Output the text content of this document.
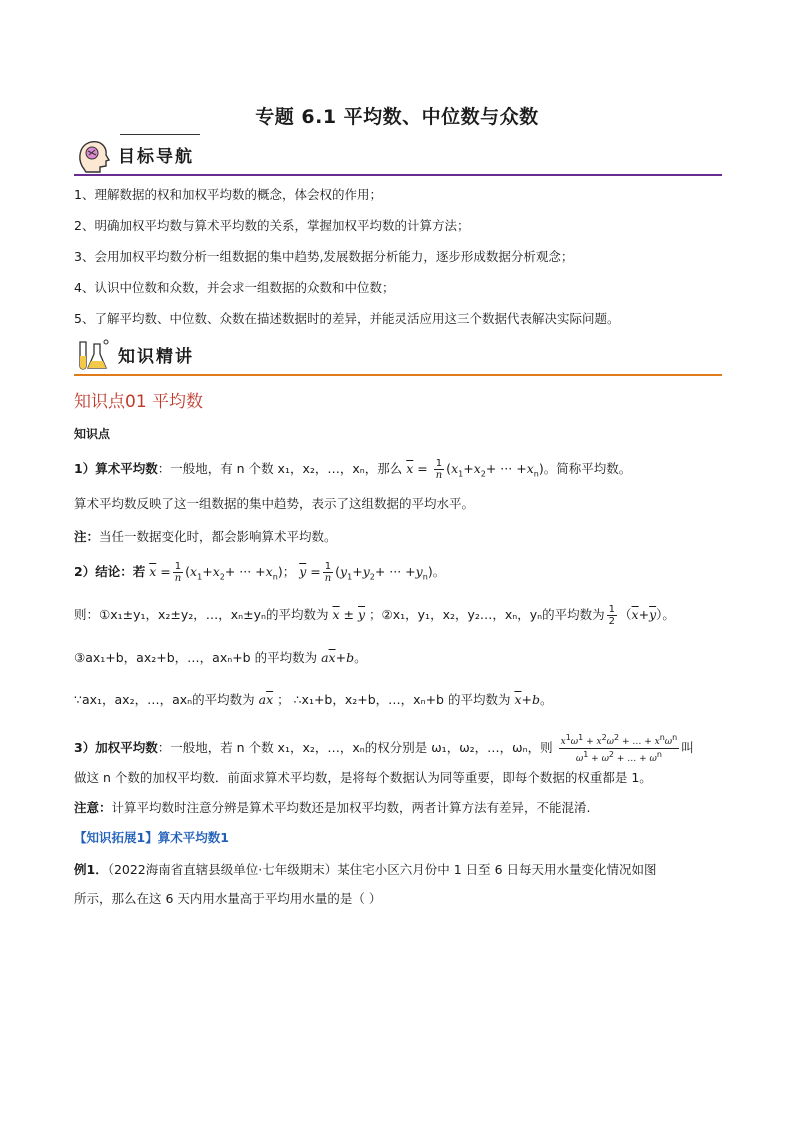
专题 6.1 平均数、中位数与众数
目标导航
1、理解数据的权和加权平均数的概念，体会权的作用；
2、明确加权平均数与算术平均数的关系，掌握加权平均数的计算方法；
3、会用加权平均数分析一组数据的集中趋势,发展数据分析能力，逐步形成数据分析观念；
4、认识中位数和众数，并会求一组数据的众数和中位数；
5、了解平均数、中位数、众数在描述数据时的差异，并能灵活应用这三个数据代表解决实际问题。
知识精讲
知识点01 平均数
知识点
1）算术平均数：一般地，有 n 个数 x₁，x₂，…，xₙ，那么 $\overline{x} = \frac{1}{n} (x_1+x_2+$ ··· $+x_n$)。简称平均数。
算术平均数反映了这一组数据的集中趋势，表示了这组数据的平均水平。
注：当任一数据变化时，都会影响算术平均数。
2）结论：若 $\overline{x} = \frac{1}{n} (x_1+x_2+$ ··· $+x_n$)； $\overline{y} = \frac{1}{n} (y_1+y_2+$ ··· $+y_n$)。
则：①x₁±y₁，x₂±y₂，…，xₙ±yₙ的平均数为 $\overline{x} \pm \overline{y}$ ；②x₁，y₁，x₂，y₂…，xₙ，yₙ的平均数为 $\frac{1}{2} (\overline{x}+\overline{y})$。
③ax₁+b，ax₂+b，…，axₙ+b 的平均数为 $a\overline{x}+b$。
∵ax₁，ax₂，…，axₙ的平均数为 $a\overline{x}$ ； ∴x₁+b，x₂+b，…，xₙ+b 的平均数为 $\overline{x}+b$。
3）加权平均数：一般地，若 n 个数 x₁，x₂，…，xₙ的权分别是 ω₁，ω₂，…，ωₙ，则 $\frac{x^1\omega^1 + x^2\omega^2 + \dots + x^n\omega^n}{\omega^1 + \omega^2 + \dots + \omega^n}$ 叫
做这 n 个数的加权平均数．前面求算术平均数，是将每个数据认为同等重要，即每个数据的权重都是 1。
注意：计算平均数时注意分辨是算术平均数还是加权平均数，两者计算方法有差异，不能混淆.
【知识拓展1】算术平均数1
例1．（2022海南省直辖县级单位·七年级期末）某住宅小区六月份中 1 日至 6 日每天用水量变化情况如图
所示，那么在这 6 天内用水量高于平均用水量的是（ ）
